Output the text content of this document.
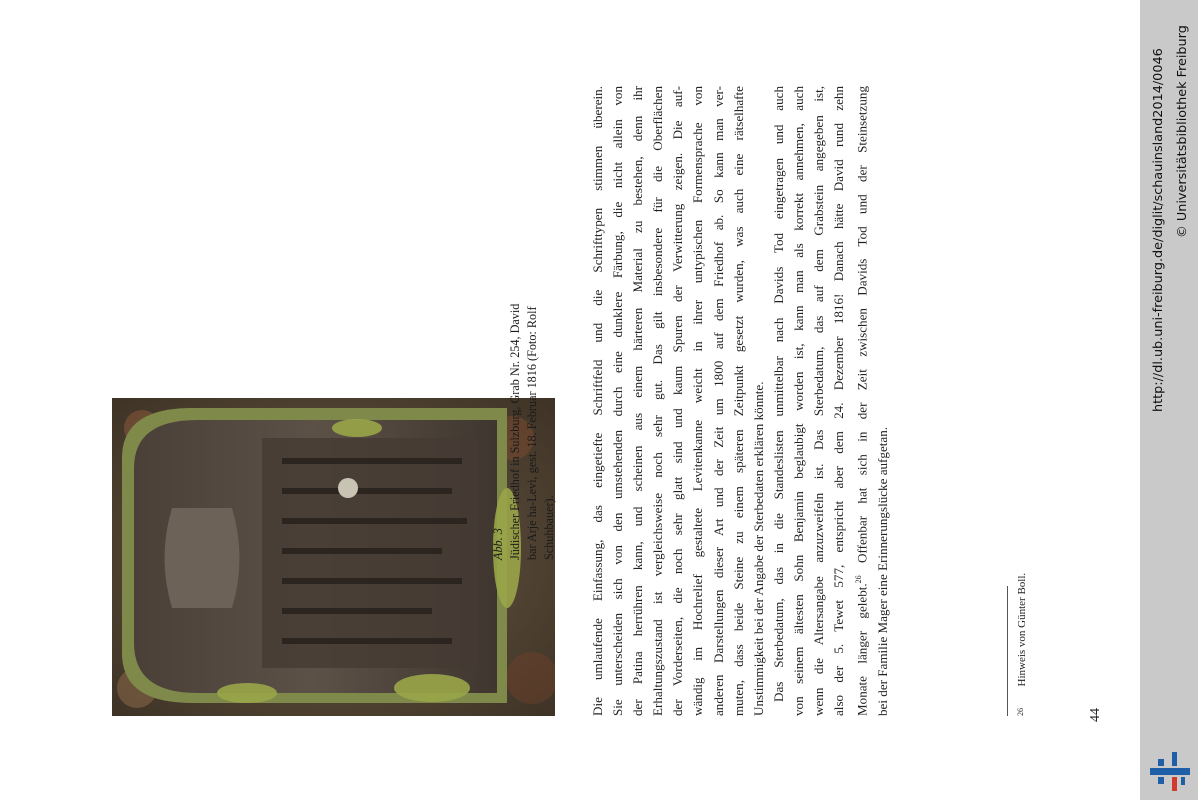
Abb. 3 Jüdischer Friedhof in Sulzburg, Grab Nr. 254, David bar Arje ha-Levi, gest. 18. Februar 1816 (Foto: Rolf Schuhbauer).	Die umlaufende Einfassung, das eingetiefte Schriftfeld und die Schrifttypen stimmen überein. Sie unterscheiden sich von den umstehenden durch eine dunklere Färbung, die nicht allein von der Patina herrühren kann, und scheinen aus einem härteren Material zu bestehen, denn ihr Erhaltungszustand ist vergleichsweise noch sehr gut. Das gilt insbesondere für die Oberflächen der Vorderseiten, die noch sehr glatt sind und kaum Spuren der Verwitterung zeigen. Die auf- wändig im Hochrelief gestaltete Levitenkanne weicht in ihrer untypischen Formensprache von anderen Darstellungen dieser Art und der Zeit um 1800 auf dem Friedhof ab. So kann man ver- muten, dass beide Steine zu einem späteren Zeitpunkt gesetzt wurden, was auch eine rätselhafte Unstimmigkeit bei der Angabe der Sterbedaten erklären könnte. Das Sterbedatum, das in die Standeslisten unmittelbar nach Davids Tod eingetragen und auch von seinem ältesten Sohn Benjamin beglaubigt worden ist, kann man als korrekt annehmen, auch wenn die Altersangabe anzuzweifeln ist. Das Sterbedatum, das auf dem Grabstein angegeben ist, also der 5. Tewet 577, entspricht aber dem 24. Dezember 1816! Danach hätte David rund zehn Monate länger gelebt.$^{26}$ Offenbar hat sich in der Zeit zwischen Davids Tod und der Steinsetzung bei der Familie Mager eine Erinnerungslücke aufgetan.	$^{26}$  Hinweis von Günter Boll.
44
http://dl.ub.uni-freiburg.de/diglit/schauinsland2014/0046 © Universitätsbibliothek Freiburg
